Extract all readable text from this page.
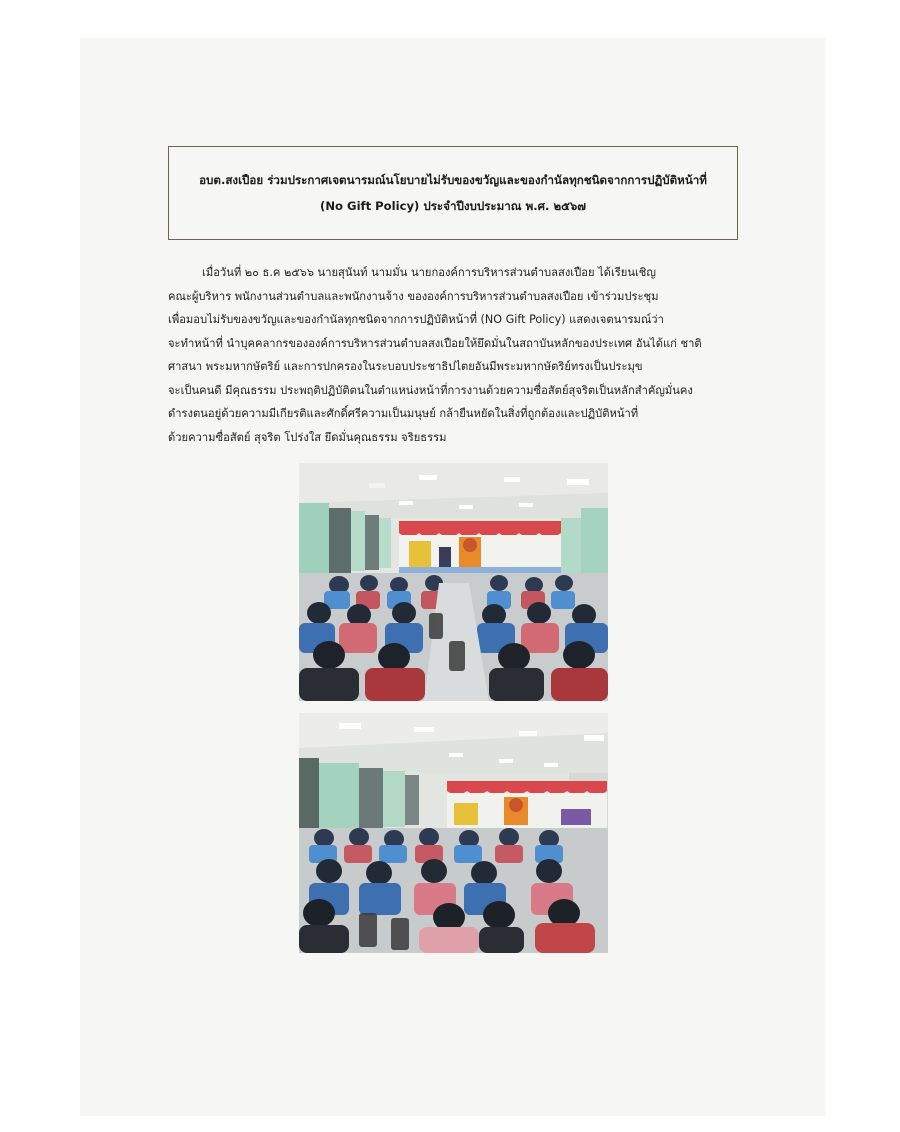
อบต.สงเปือย ร่วมประกาศเจตนารมณ์นโยบายไม่รับของขวัญและของกำนัลทุกชนิดจากการปฏิบัติหน้าที่
(No Gift Policy) ประจำปีงบประมาณ พ.ศ. ๒๕๖๗
เมื่อวันที่ ๒๐ ธ.ค ๒๕๖๖ นายสุนันท์ นามมั่น นายกองค์การบริหารส่วนตำบลสงเปือย ได้เรียนเชิญ
คณะผู้บริหาร พนักงานส่วนตำบลและพนักงานจ้าง ขององค์การบริหารส่วนตำบลสงเปือย เข้าร่วมประชุม
เพื่อมอบไม่รับของขวัญและของกำนัลทุกชนิดจากการปฏิบัติหน้าที่ (NO Gift Policy) แสดงเจตนารมณ์ว่า
จะทำหน้าที่ นำบุคคลากรขององค์การบริหารส่วนตำบลสงเปือยให้ยึดมั่นในสถาบันหลักของประเทศ อันได้แก่ ชาติ
ศาสนา พระมหากษัตริย์ และการปกครองในระบอบประชาธิปไตยอันมีพระมหากษัตริย์ทรงเป็นประมุข
จะเป็นคนดี มีคุณธรรม ประพฤติปฏิบัติตนในตำแหน่งหน้าที่การงานด้วยความซื่อสัตย์สุจริตเป็นหลักสำคัญมั่นคง
ดำรงตนอยู่ด้วยความมีเกียรติและศักดิ์ศรีความเป็นมนุษย์ กล้ายืนหยัดในสิ่งที่ถูกต้องและปฏิบัติหน้าที่
ด้วยความซื่อสัตย์ สุจริต โปร่งใส ยึดมั่นคุณธรรม จริยธรรม
